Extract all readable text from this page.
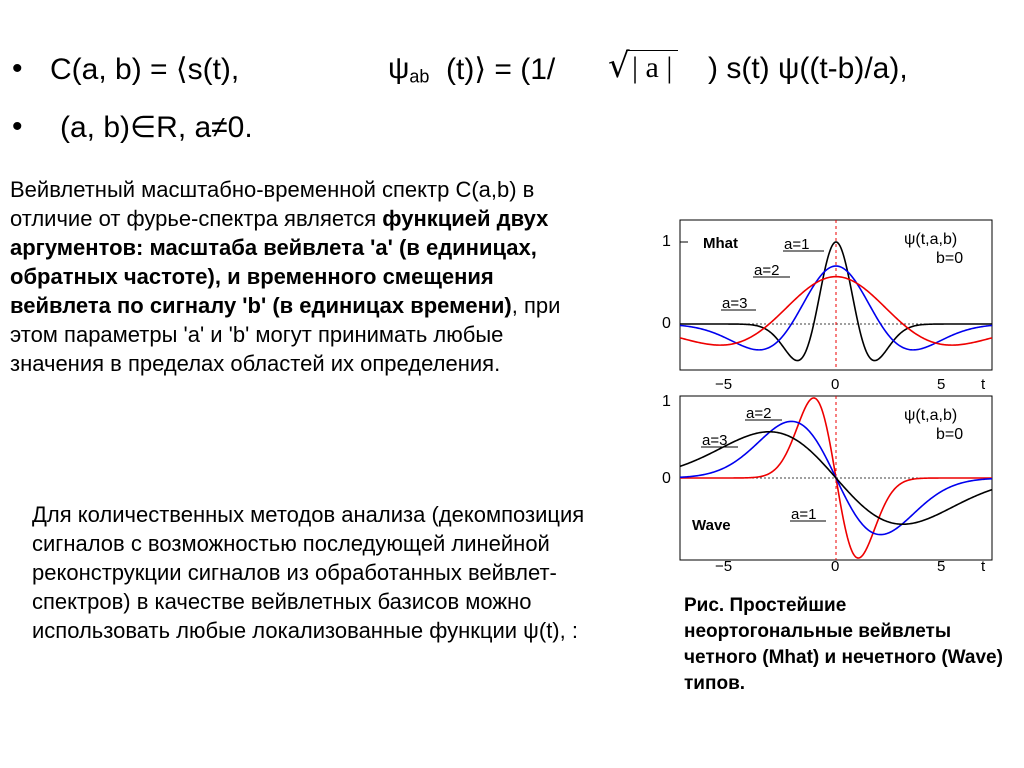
• C(a, b) = ⟨s(t),	$\psi_{ab}$ (t)⟩ = (1/ √ | a | ) s(t) ψ((t-b)/a),
• (a, b)∈R, a≠0.
Вейвлетный масштабно-временной спектр C(a,b) в отличие от фурье-спектра является функцией двух аргументов: масштаба вейвлета 'a' (в единицах, обратных частоте), и временного смещения вейвлета по сигналу 'b' (в единицах времени), при этом параметры 'a' и 'b' могут принимать любые значения в пределах областей их определения.
Для количественных методов анализа (декомпозиция сигналов с возможностью последующей линейной реконструкции сигналов из обработанных вейвлет-спектров) в качестве вейвлетных базисов можно использовать любые локализованные функции ψ(t), :
1
0
Mhat	a=1
a=2
a=3
ψ(t,a,b)
b=0
−5	0	5 t
1
0
Wave
a=1
a=2
a=3
ψ(t,a,b)
b=0
−5	0	5 t
Рис. Простейшие неортогональные вейвлеты четного (Mhat) и нечетного (Wave) типов.
